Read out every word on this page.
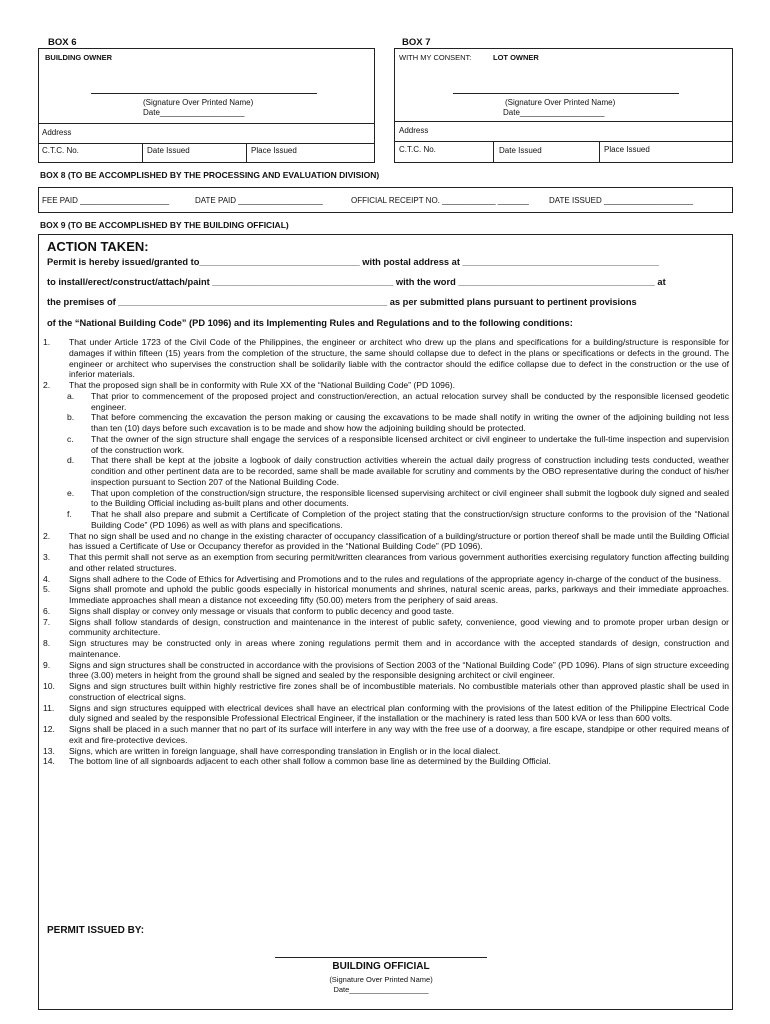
BOX 6
BUILDING OWNER
(Signature Over Printed Name)
Date___________________
Address
C.T.C. No.	Date Issued	Place Issued
BOX 7
WITH MY CONSENT:	LOT OWNER
(Signature Over Printed Name)
Date___________________
Address
C.T.C. No.	Date Issued	Place Issued
BOX 8 (TO BE ACCOMPLISHED BY THE PROCESSING AND EVALUATION DIVISION)
FEE PAID ____________________	DATE PAID ___________________	OFFICIAL RECEIPT NO. ____________ _______	DATE ISSUED ____________________
BOX 9 (TO BE ACCOMPLISHED BY THE BUILDING OFFICIAL)
ACTION TAKEN:
Permit is hereby issued/granted to_______________________________ with postal address at ______________________________________
to install/erect/construct/attach/paint ___________________________________ with the word ______________________________________ at
the premises of ____________________________________________________ as per submitted plans pursuant to pertinent provisions
of the “National Building Code” (PD 1096) and its Implementing Rules and Regulations and to the following conditions:
1. That under Article 1723 of the Civil Code of the Philippines, the engineer or architect who drew up the plans and specifications for a building/structure is responsible for damages if within fifteen (15) years from the completion of the structure, the same should collapse due to defect in the plans or specifications or defects in the ground. The engineer or architect who supervises the construction shall be solidarily liable with the contractor should the edifice collapse due to defect in the construction or the use of inferior materials.
2. That the proposed sign shall be in conformity with Rule XX of the “National Building Code” (PD 1096).
a. That prior to commencement of the proposed project and construction/erection, an actual relocation survey shall be conducted by the responsible licensed geodetic engineer.
b. That before commencing the excavation the person making or causing the excavations to be made shall notify in writing the owner of the adjoining building not less than ten (10) days before such excavation is to be made and show how the adjoining building should be protected.
c. That the owner of the sign structure shall engage the services of a responsible licensed architect or civil engineer to undertake the full-time inspection and supervision of the construction work.
d. That there shall be kept at the jobsite a logbook of daily construction activities wherein the actual daily progress of construction including tests conducted, weather condition and other pertinent data are to be recorded, same shall be made available for scrutiny and comments by the OBO representative during the conduct of his/her inspection pursuant to Section 207 of the National Building Code.
e. That upon completion of the construction/sign structure, the responsible licensed supervising architect or civil engineer shall submit the logbook duly signed and sealed to the Building Official including as-built plans and other documents.
f. That he shall also prepare and submit a Certificate of Completion of the project stating that the construction/sign structure conforms to the provision of the “National Building Code” (PD 1096) as well as with plans and specifications.
2. That no sign shall be used and no change in the existing character of occupancy classification of a building/structure or portion thereof shall be made until the Building Official has issued a Certificate of Use or Occupancy therefor as provided in the “National Building Code” (PD 1096).
3. That this permit shall not serve as an exemption from securing permit/written clearances from various government authorities exercising regulatory function affecting building and other related structures.
4. Signs shall adhere to the Code of Ethics for Advertising and Promotions and to the rules and regulations of the appropriate agency in-charge of the conduct of the business.
5. Signs shall promote and uphold the public goods especially in historical monuments and shrines, natural scenic areas, parks, parkways and their immediate approaches. Immediate approaches shall mean a distance not exceeding fifty (50.00) meters from the periphery of said areas.
6. Signs shall display or convey only message or visuals that conform to public decency and good taste.
7. Signs shall follow standards of design, construction and maintenance in the interest of public safety, convenience, good viewing and to promote proper urban design or community architecture.
8. Sign structures may be constructed only in areas where zoning regulations permit them and in accordance with the accepted standards of design, construction and maintenance.
9. Signs and sign structures shall be constructed in accordance with the provisions of Section 2003 of the “National Building Code” (PD 1096). Plans of sign structure exceeding three (3.00) meters in height from the ground shall be signed and sealed by the responsible designing architect or civil engineer.
10. Signs and sign structures built within highly restrictive fire zones shall be of incombustible materials. No combustible materials other than approved plastic shall be used in construction of electrical signs.
11. Signs and sign structures equipped with electrical devices shall have an electrical plan conforming with the provisions of the latest edition of the Philippine Electrical Code duly signed and sealed by the responsible Professional Electrical Engineer, if the installation or the machinery is rated less than 500 kVA or less than 600 volts.
12. Signs shall be placed in a such manner that no part of its surface will interfere in any way with the free use of a doorway, a fire escape, standpipe or other required means of exit and fire-protective devices.
13. Signs, which are written in foreign language, shall have corresponding translation in English or in the local dialect.
14. The bottom line of all signboards adjacent to each other shall follow a common base line as determined by the Building Official.
PERMIT ISSUED BY:
BUILDING OFFICIAL
(Signature Over Printed Name)
Date___________________
